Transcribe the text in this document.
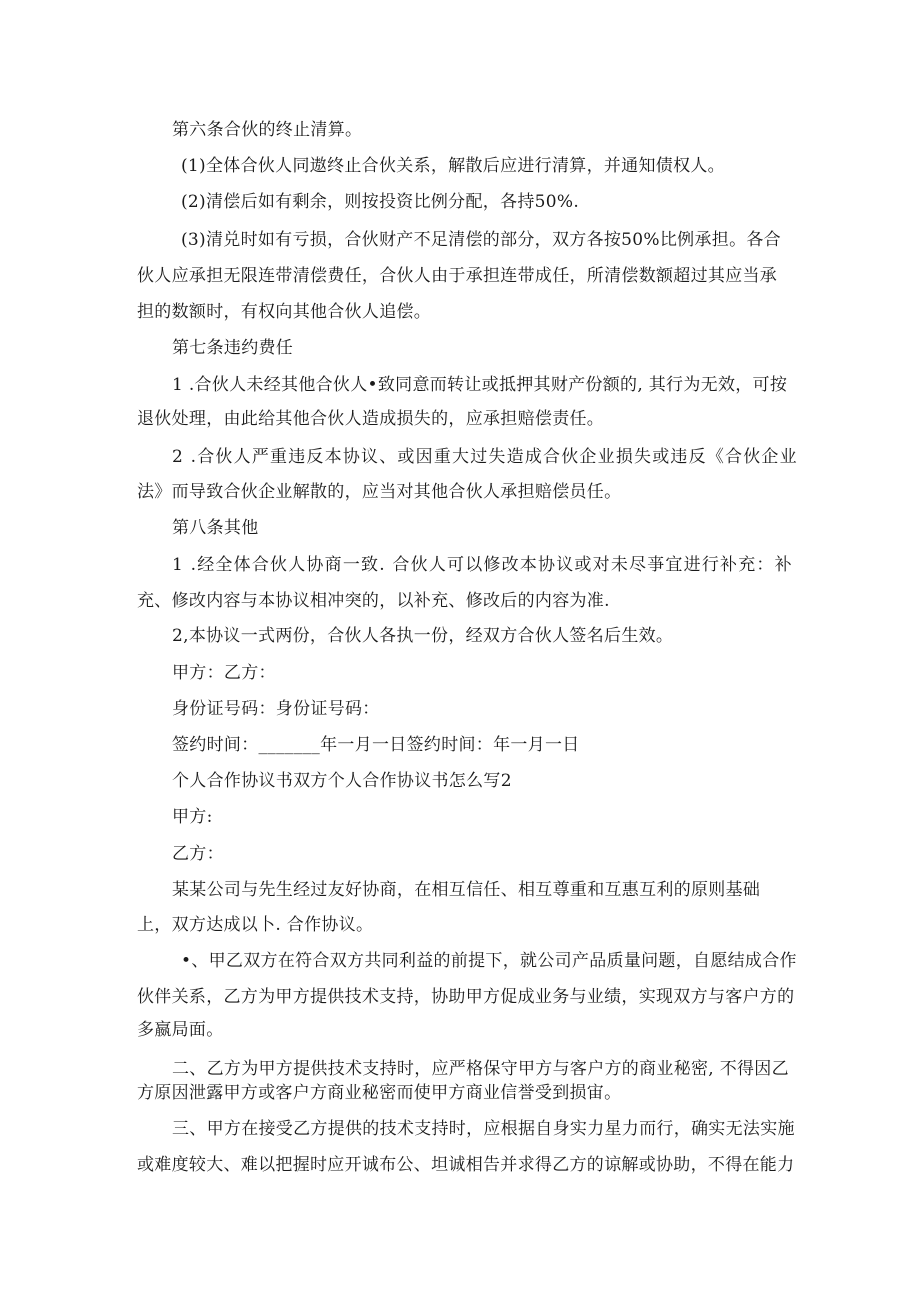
第六条合伙的终止清算。
(1)全体合伙人同遨终止合伙关系，解散后应进行清算，并通知债权人。
(2)清偿后如有剩余，则按投资比例分配，各持50%.
(3)清兑时如有亏损，合伙财产不足清偿的部分，双方各按50%比例承担。各合
伙人应承担无限连带清偿费任，合伙人由于承担连带成任，所清偿数额超过其应当承
担的数额时，有权向其他合伙人追偿。
第七条违约费任
1 .合伙人未经其他合伙人•致同意而转让或抵押其财产份额的, 其行为无效，可按
退伙处理，由此给其他合伙人造成损失的，应承担赔偿责任。
2 .合伙人严重违反本协议、或因重大过失造成合伙企业损失或违反《合伙企业
法》而导致合伙企业解散的，应当对其他合伙人承担赔偿员任。
第八条其他
1 .经全体合伙人协商一致. 合伙人可以修改本协议或对未尽亊宜进行补充：补
充、修改内容与本协议相冲突的，以补充、修改后的内容为准.
2,本协议一式两份，合伙人各执一份，经双方合伙人签名后生效。
甲方：乙方：
身份证号码：身份证号码：
签约时间：_______年一月一日签约时间：年一月一日
个人合作协议书双方个人合作协议书怎么写2
甲方:
乙方：
某某公司与先生经过友好协商，在相互信任、相互尊重和互惠互利的原则基础
上，双方达成以卜. 合作协议。
•、甲乙双方在符合双方共同利益的前提下，就公司产品质量问题，自愿结成合作
伙伴关系，乙方为甲方提供技术支持，协助甲方促成业务与业绩，实现双方与客户方的
多嬴局面。
二、乙方为甲方提供技术支持时，应严格保守甲方与客户方的商业秘密, 不得因乙
方原因泄露甲方或客户方商业秘密而使甲方商业信誉受到损宙。
三、甲方在接受乙方提供的技术支持时，应根据自身实力星力而行，确实无法实施
或难度较大、难以把握时应开诚布公、坦诚相告并求得乙方的谅解或协助，不得在能力
